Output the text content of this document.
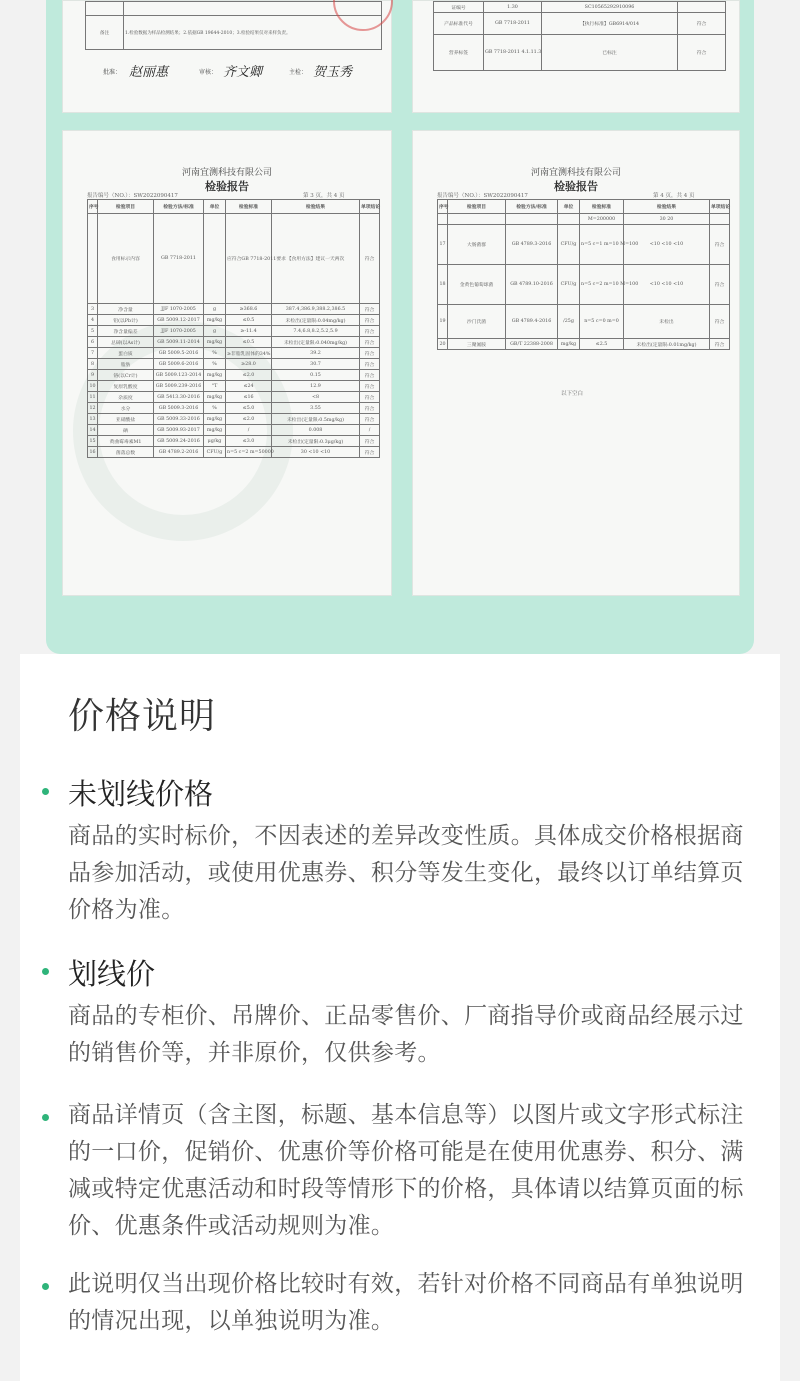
备注	1.检验数据为样品检测结果；2.依据GB 19644-2010；3.检验结果仅对来样负责。
批准： 赵丽惠	审核： 齐文卿	主检： 贺玉秀
证编号	1.30	SC10565292910096	
产品标准代号	GB 7718-2011	【执行标准】GB6914/014	符合
营养标签	GB 7718-2011 4.1.11.3	已标注	符合
河南宜测科技有限公司
检验报告
报告编号（NO.）：SW2022090417	第 3 页，共 4 页
序号	检验项目	检验方法/标准	单位	检验标准	检验结果	单项结论
	食用标示内容	GB 7718-2011		应符合GB 7718-2011要求	【食用方法】建议一天两次	符合
3	净含量	JJF 1070-2005	g	≥368.6	387.4,386.9,388.2,386.5	符合
4	铅(以Pb计)	GB 5009.12-2017	mg/kg	≤0.5	未检出(定量限:0.04mg/kg)	符合
5	净含量偏差	JJF 1070-2005	g	≥-11.4	7.4,6.8,8.2,5.2,5.9	符合
6	总砷(以As计)	GB 5009.11-2014	mg/kg	≤0.5	未检出(定量限:0.040mg/kg)	符合
7	蛋白质	GB 5009.5-2016	%	≥非脂乳固体的34%	39.2	符合
8	脂肪	GB 5009.6-2016	%	≥28.0	30.7	符合
9	铬(以Cr计)	GB 5009.123-2014	mg/kg	≤2.0	0.15	符合
10	复原乳酸度	GB 5009.239-2016	°T	≤24	12.9	符合
11	杂质度	GB 5413.30-2016	mg/kg	≤16	<8	符合
12	水分	GB 5009.3-2016	%	≤5.0	3.55	符合
13	亚硝酸盐	GB 5009.33-2016	mg/kg	≤2.0	未检出(定量限:0.5mg/kg)	符合
14	硒	GB 5009.93-2017	mg/kg	/	0.008	/
15	黄曲霉毒素M1	GB 5009.24-2016	μg/kg	≤3.0	未检出(定量限:0.3μg/kg)	符合
16	菌落总数	GB 4789.2-2016	CFU/g	n=5 c=2 m=50000	30 <10 <10	符合
河南宜测科技有限公司
检验报告
报告编号（NO.）：SW2022090417	第 4 页，共 4 页
序号	检验项目	检验方法/标准	单位	检验标准	检验结果	单项结论
				M=200000	30 20	
17	大肠菌群	GB 4789.3-2016	CFU/g	n=5 c=1 m=10 M=100	<10 <10 <10	符合
18	金黄色葡萄球菌	GB 4789.10-2016	CFU/g	n=5 c=2 m=10 M=100	<10 <10 <10	符合
19	沙门氏菌	GB 4789.4-2016	/25g	n=5 c=0 m=0	未检出	符合
20	三聚氰胺	GB/T 22388-2008	mg/kg	≤2.5	未检出(定量限:0.01mg/kg)	符合
以下空白
价格说明
未划线价格
商品的实时标价，不因表述的差异改变性质。具体成交价格根据商品参加活动，或使用优惠券、积分等发生变化，最终以订单结算页价格为准。
划线价
商品的专柜价、吊牌价、正品零售价、厂商指导价或商品经展示过的销售价等，并非原价，仅供参考。
商品详情页（含主图，标题、基本信息等）以图片或文字形式标注的一口价，促销价、优惠价等价格可能是在使用优惠券、积分、满减或特定优惠活动和时段等情形下的价格，具体请以结算页面的标价、优惠条件或活动规则为准。
此说明仅当出现价格比较时有效，若针对价格不同商品有单独说明的情况出现，以单独说明为准。
